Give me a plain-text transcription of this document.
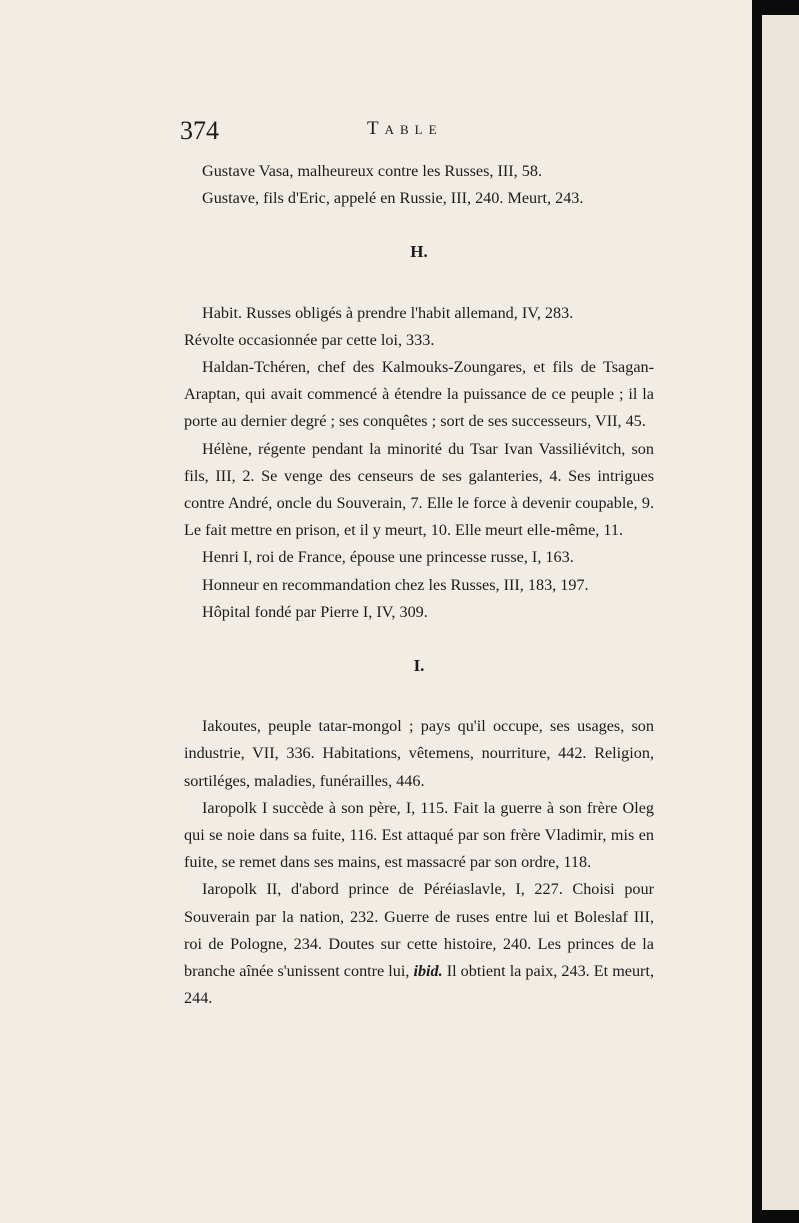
374	Table

Gustave Vasa, malheureux contre les Russes, III, 58.

Gustave, fils d'Eric, appelé en Russie, III, 240. Meurt, 243.

H.

Habit. Russes obligés à prendre l'habit allemand, IV, 283.

Révolte occasionnée par cette loi, 333.

Haldan-Tchéren, chef des Kalmouks-Zoungares, et fils de Tsagan-Araptan, qui avait commencé à étendre la puissance de ce peuple ; il la porte au dernier degré ; ses conquêtes ; sort de ses successeurs, VII, 45.

Hélène, régente pendant la minorité du Tsar Ivan Vassiliévitch, son fils, III, 2. Se venge des censeurs de ses galanteries, 4. Ses intrigues contre André, oncle du Souverain, 7. Elle le force à devenir coupable, 9. Le fait mettre en prison, et il y meurt, 10. Elle meurt elle-même, 11.

Henri I, roi de France, épouse une princesse russe, I, 163.

Honneur en recommandation chez les Russes, III, 183, 197.

Hôpital fondé par Pierre I, IV, 309.

I.

Iakoutes, peuple tatar-mongol ; pays qu'il occupe, ses usages, son industrie, VII, 336. Habitations, vêtemens, nourriture, 442. Religion, sortiléges, maladies, funérailles, 446.

Iaropolk I succède à son père, I, 115. Fait la guerre à son frère Oleg qui se noie dans sa fuite, 116. Est attaqué par son frère Vladimir, mis en fuite, se remet dans ses mains, est massacré par son ordre, 118.

Iaropolk II, d'abord prince de Péréiaslavle, I, 227. Choisi pour Souverain par la nation, 232. Guerre de ruses entre lui et Boleslaf III, roi de Pologne, 234. Doutes sur cette histoire, 240. Les princes de la branche aînée s'unissent contre lui, ibid. Il obtient la paix, 243. Et meurt, 244.
